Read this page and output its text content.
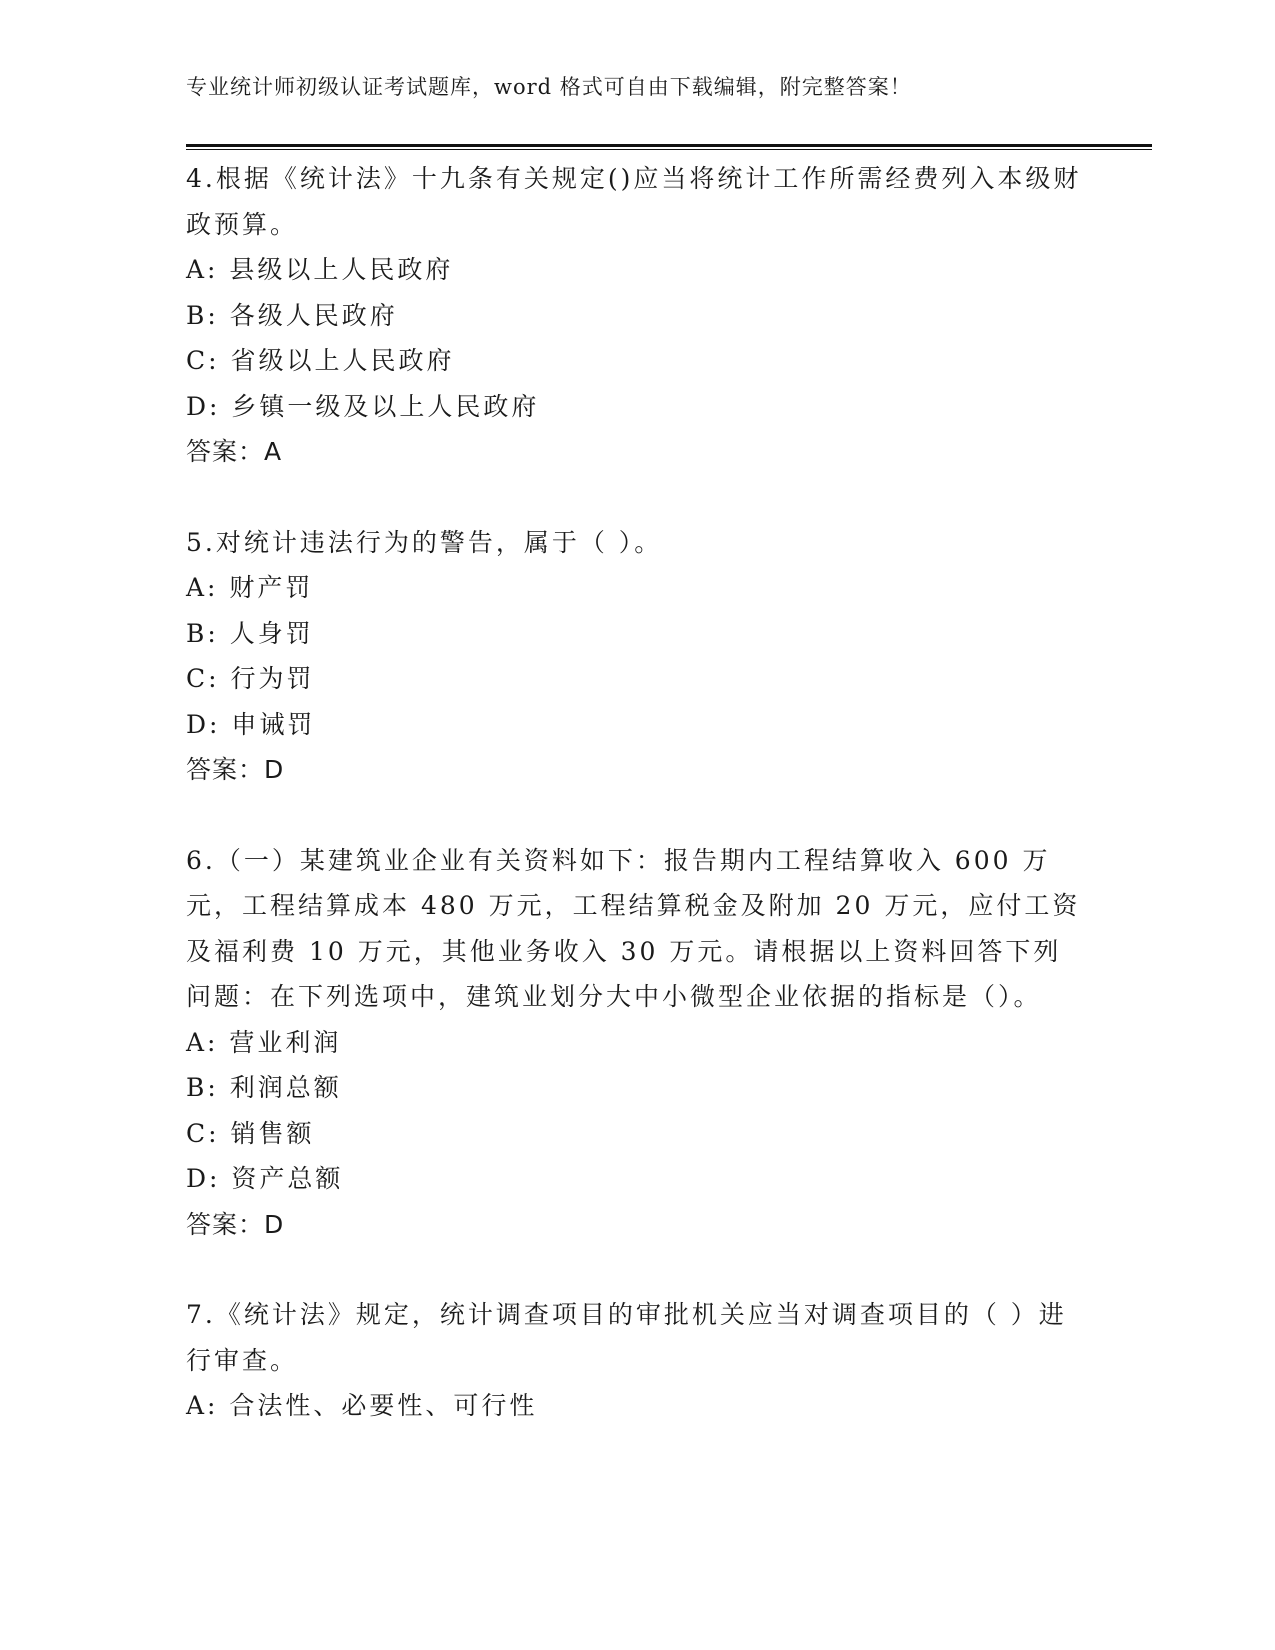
专业统计师初级认证考试题库，word 格式可自由下载编辑，附完整答案！

4.根据《统计法》十九条有关规定()应当将统计工作所需经费列入本级财政预算。

A: 县级以上人民政府

B: 各级人民政府

C: 省级以上人民政府

D: 乡镇一级及以上人民政府

答案：A

5.对统计违法行为的警告，属于（ ）。

A: 财产罚

B: 人身罚

C: 行为罚

D: 申诫罚

答案：D

6.（一）某建筑业企业有关资料如下：报告期内工程结算收入 600 万元，工程结算成本 480 万元，工程结算税金及附加 20 万元，应付工资及福利费 10 万元，其他业务收入 30 万元。请根据以上资料回答下列问题：在下列选项中，建筑业划分大中小微型企业依据的指标是（）。

A: 营业利润

B: 利润总额

C: 销售额

D: 资产总额

答案：D

7.《统计法》规定，统计调查项目的审批机关应当对调查项目的（ ）进行审查。

A: 合法性、必要性、可行性
